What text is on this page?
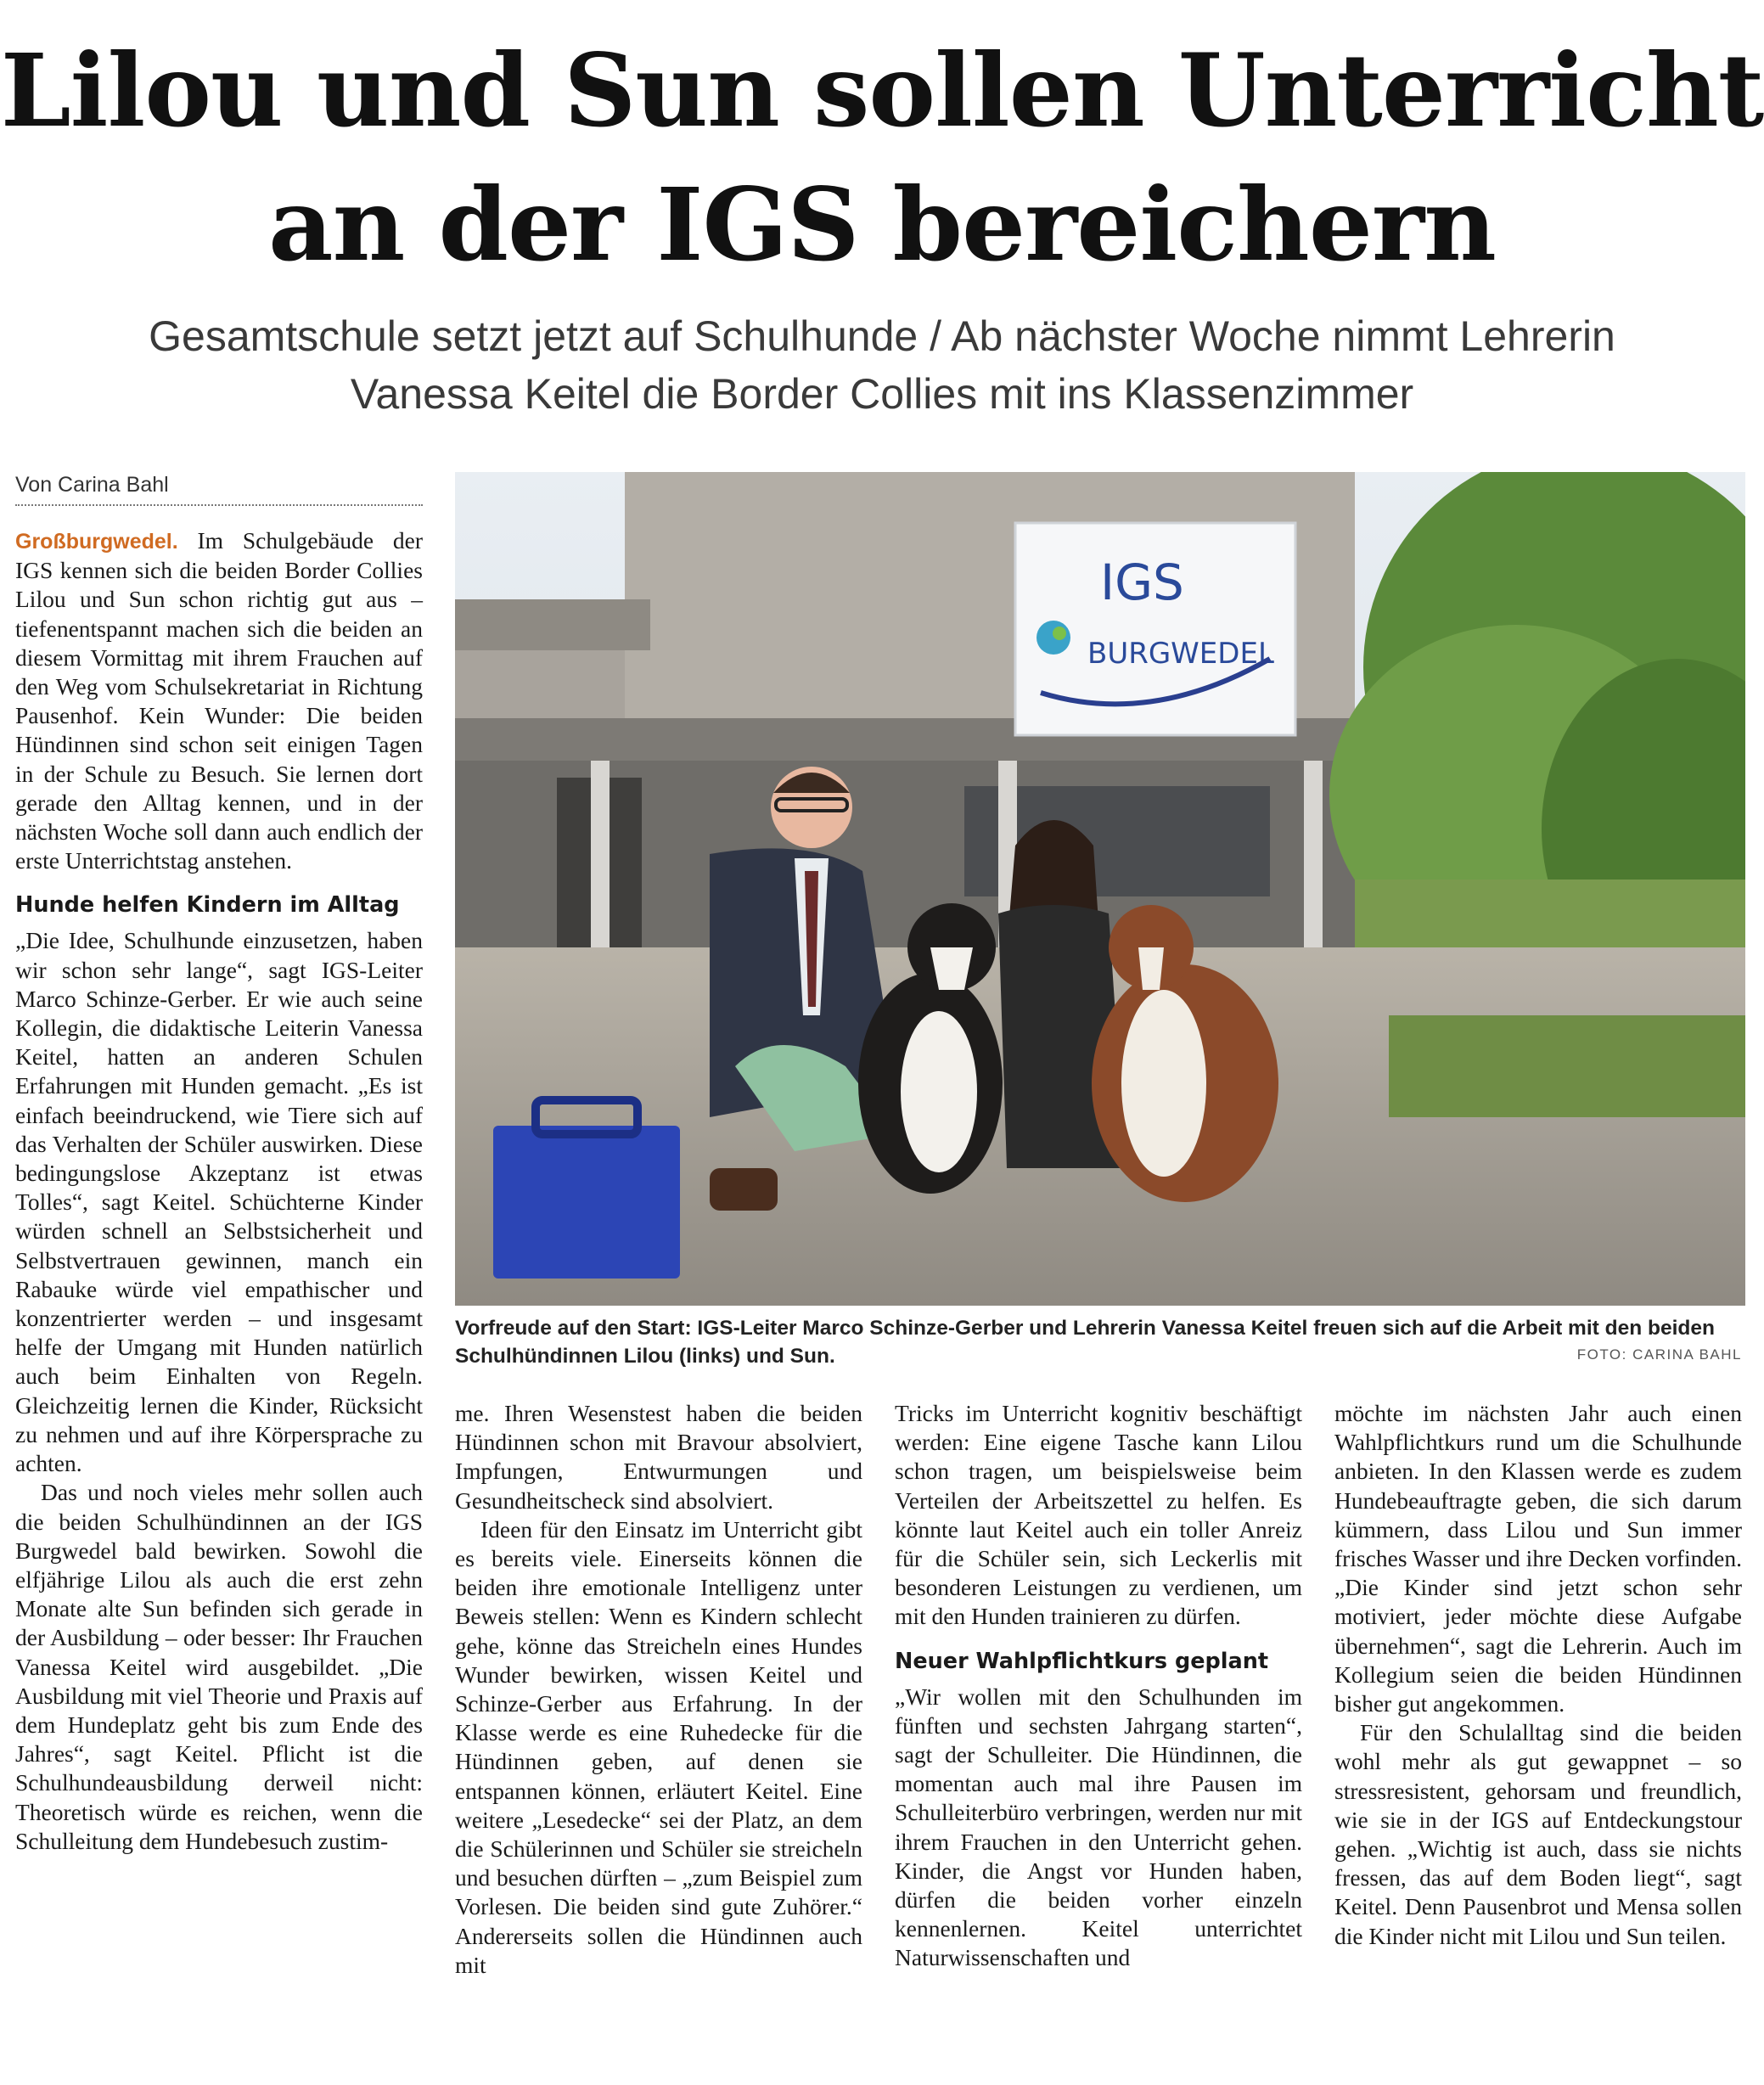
Lilou und Sun sollen Unterricht
an der IGS bereichern
Gesamtschule setzt jetzt auf Schulhunde / Ab nächster Woche nimmt Lehrerin
Vanessa Keitel die Border Collies mit ins Klassenzimmer
Von Carina Bahl

Großburgwedel. Im Schulgebäude der IGS kennen sich die beiden Border Collies Lilou und Sun schon richtig gut aus – tiefenentspannt machen sich die beiden an diesem Vormittag mit ihrem Frauchen auf den Weg vom Schulsekretariat in Richtung Pausenhof. Kein Wunder: Die beiden Hündinnen sind schon seit einigen Tagen in der Schule zu Besuch. Sie lernen dort gerade den Alltag kennen, und in der nächsten Woche soll dann auch endlich der erste Unterrichtstag anstehen.

Hunde helfen Kindern im Alltag

„Die Idee, Schulhunde einzusetzen, haben wir schon sehr lange“, sagt IGS-Leiter Marco Schinze-Gerber. Er wie auch seine Kollegin, die didaktische Leiterin Vanessa Keitel, hatten an anderen Schulen Erfahrungen mit Hunden gemacht. „Es ist einfach beeindruckend, wie Tiere sich auf das Verhalten der Schüler auswirken. Diese bedingungslose Akzeptanz ist etwas Tolles“, sagt Keitel. Schüchterne Kinder würden schnell an Selbstsicherheit und Selbstvertrauen gewinnen, manch ein Rabauke würde viel empathischer und konzentrierter werden – und insgesamt helfe der Umgang mit Hunden natürlich auch beim Einhalten von Regeln. Gleichzeitig lernen die Kinder, Rücksicht zu nehmen und auf ihre Körpersprache zu achten.

Das und noch vieles mehr sollen auch die beiden Schulhündinnen an der IGS Burgwedel bald bewirken. Sowohl die elfjährige Lilou als auch die erst zehn Monate alte Sun befinden sich gerade in der Ausbildung – oder besser: Ihr Frauchen Vanessa Keitel wird ausgebildet. „Die Ausbildung mit viel Theorie und Praxis auf dem Hundeplatz geht bis zum Ende des Jahres“, sagt Keitel. Pflicht ist die Schulhundeausbildung derweil nicht: Theoretisch würde es reichen, wenn die Schulleitung dem Hundebesuch zustim-

IGS
BURGWEDEL
Vorfreude auf den Start: IGS-Leiter Marco Schinze-Gerber und Lehrerin Vanessa Keitel freuen sich auf die Arbeit mit den beiden Schulhündinnen Lilou (links) und Sun.	FOTO: CARINA BAHL

me. Ihren Wesenstest haben die beiden Hündinnen schon mit Bravour absolviert, Impfungen, Entwurmungen und Gesundheitscheck sind absolviert.

Ideen für den Einsatz im Unterricht gibt es bereits viele. Einerseits können die beiden ihre emotionale Intelligenz unter Beweis stellen: Wenn es Kindern schlecht gehe, könne das Streicheln eines Hundes Wunder bewirken, wissen Keitel und Schinze-Gerber aus Erfahrung. In der Klasse werde es eine Ruhedecke für die Hündinnen geben, auf denen sie entspannen können, erläutert Keitel. Eine weitere „Lesedecke“ sei der Platz, an dem die Schülerinnen und Schüler sie streicheln und besuchen dürften – „zum Beispiel zum Vorlesen. Die beiden sind gute Zuhörer.“ Andererseits sollen die Hündinnen auch mit

Tricks im Unterricht kognitiv beschäftigt werden: Eine eigene Tasche kann Lilou schon tragen, um beispielsweise beim Verteilen der Arbeitszettel zu helfen. Es könnte laut Keitel auch ein toller Anreiz für die Schüler sein, sich Leckerlis mit besonderen Leistungen zu verdienen, um mit den Hunden trainieren zu dürfen.

Neuer Wahlpflichtkurs geplant

„Wir wollen mit den Schulhunden im fünften und sechsten Jahrgang starten“, sagt der Schulleiter. Die Hündinnen, die momentan auch mal ihre Pausen im Schulleiterbüro verbringen, werden nur mit ihrem Frauchen in den Unterricht gehen. Kinder, die Angst vor Hunden haben, dürfen die beiden vorher einzeln kennenlernen. Keitel unterrichtet Naturwissenschaften und

möchte im nächsten Jahr auch einen Wahlpflichtkurs rund um die Schulhunde anbieten. In den Klassen werde es zudem Hundebeauftragte geben, die sich darum kümmern, dass Lilou und Sun immer frisches Wasser und ihre Decken vorfinden. „Die Kinder sind jetzt schon sehr motiviert, jeder möchte diese Aufgabe übernehmen“, sagt die Lehrerin. Auch im Kollegium seien die beiden Hündinnen bisher gut angekommen.

Für den Schulalltag sind die beiden wohl mehr als gut gewappnet – so stressresistent, gehorsam und freundlich, wie sie in der IGS auf Entdeckungstour gehen. „Wichtig ist auch, dass sie nichts fressen, das auf dem Boden liegt“, sagt Keitel. Denn Pausenbrot und Mensa sollen die Kinder nicht mit Lilou und Sun teilen.
